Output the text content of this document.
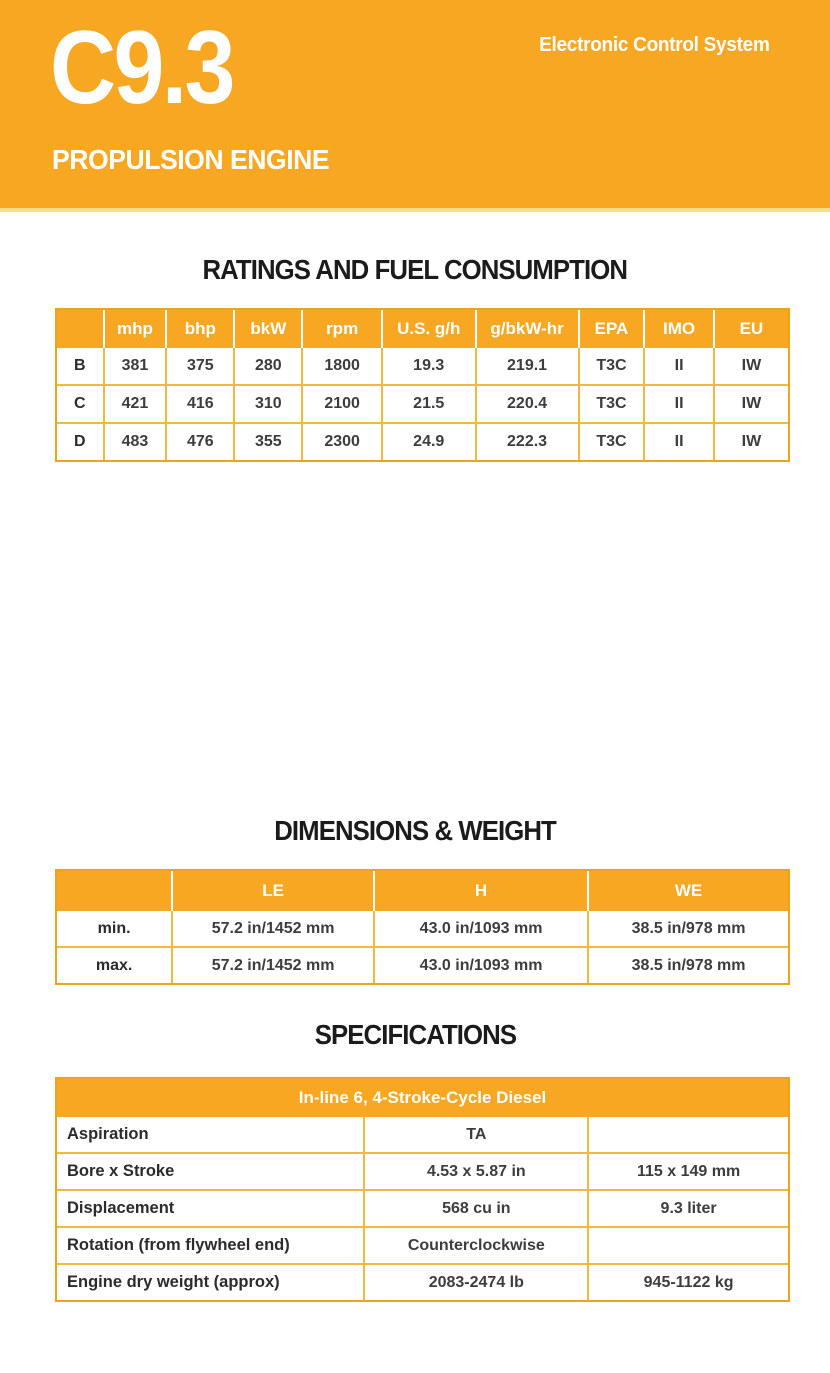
C9.3
PROPULSION ENGINE
Electronic Control System
RATINGS AND FUEL CONSUMPTION
	mhp	bhp	bkW	rpm	U.S. g/h	g/bkW-hr	EPA	IMO	EU
B	381	375	280	1800	19.3	219.1	T3C	II	IW
C	421	416	310	2100	21.5	220.4	T3C	II	IW
D	483	476	355	2300	24.9	222.3	T3C	II	IW
DIMENSIONS & WEIGHT
	LE	H	WE
min.	57.2 in/1452 mm	43.0 in/1093 mm	38.5 in/978 mm
max.	57.2 in/1452 mm	43.0 in/1093 mm	38.5 in/978 mm
SPECIFICATIONS
In-line 6, 4-Stroke-Cycle Diesel		
Aspiration	TA	
Bore x Stroke	4.53 x 5.87 in	115 x 149 mm
Displacement	568 cu in	9.3 liter
Rotation (from flywheel end)	Counterclockwise	
Engine dry weight (approx)	2083-2474 lb	945-1122 kg
